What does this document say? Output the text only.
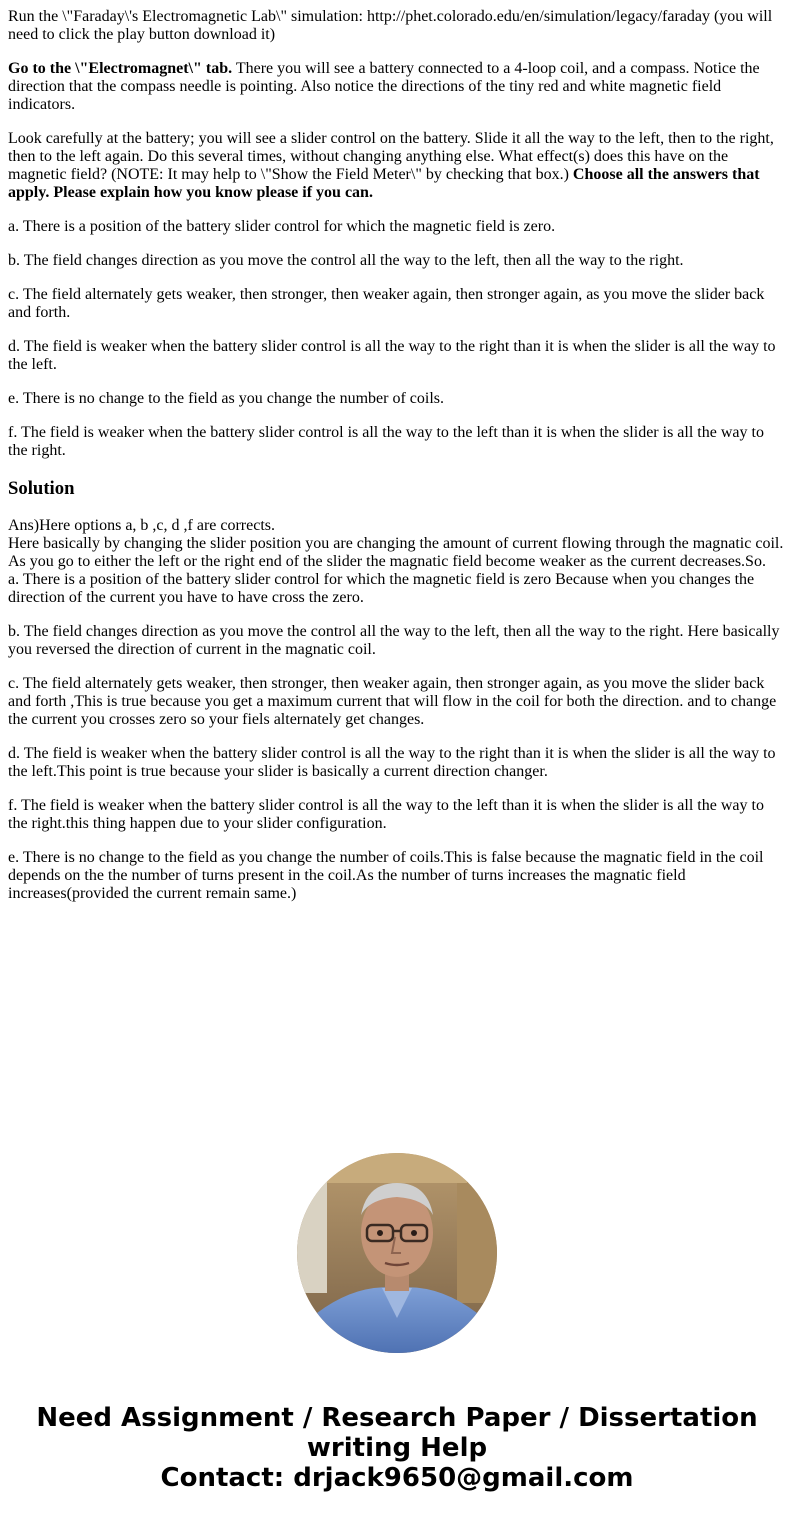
Run the \"Faraday\'s Electromagnetic Lab\" simulation: http://phet.colorado.edu/en/simulation/legacy/faraday (you will need to click the play button download it)

Go to the \"Electromagnet\" tab. There you will see a battery connected to a 4-loop coil, and a compass. Notice the direction that the compass needle is pointing. Also notice the directions of the tiny red and white magnetic field indicators.

Look carefully at the battery; you will see a slider control on the battery. Slide it all the way to the left, then to the right, then to the left again. Do this several times, without changing anything else. What effect(s) does this have on the magnetic field? (NOTE: It may help to \"Show the Field Meter\" by checking that box.) Choose all the answers that apply. Please explain how you know please if you can.

a. There is a position of the battery slider control for which the magnetic field is zero.

b. The field changes direction as you move the control all the way to the left, then all the way to the right.

c. The field alternately gets weaker, then stronger, then weaker again, then stronger again, as you move the slider back and forth.

d. The field is weaker when the battery slider control is all the way to the right than it is when the slider is all the way to the left.

e. There is no change to the field as you change the number of coils.

f. The field is weaker when the battery slider control is all the way to the left than it is when the slider is all the way to the right.

Solution

Ans)Here options a, b ,c, d ,f are corrects.
Here basically by changing the slider position you are changing the amount of current flowing through the magnatic coil. As you go to either the left or the right end of the slider the magnatic field become weaker as the current decreases.So.
a. There is a position of the battery slider control for which the magnetic field is zero Because when you changes the direction of the current you have to have cross the zero.

b. The field changes direction as you move the control all the way to the left, then all the way to the right. Here basically you reversed the direction of current in the magnatic coil.

c. The field alternately gets weaker, then stronger, then weaker again, then stronger again, as you move the slider back and forth ,This is true because you get a maximum current that will flow in the coil for both the direction. and to change the current you crosses zero so your fiels alternately get changes.

d. The field is weaker when the battery slider control is all the way to the right than it is when the slider is all the way to the left.This point is true because your slider is basically a current direction changer.

f. The field is weaker when the battery slider control is all the way to the left than it is when the slider is all the way to the right.this thing happen due to your slider configuration.

e. There is no change to the field as you change the number of coils.This is false because the magnatic field in the coil depends on the the number of turns present in the coil.As the number of turns increases the magnatic field increases(provided the current remain same.)

Need Assignment / Research Paper / Dissertation
writing Help
Contact: drjack9650@gmail.com
